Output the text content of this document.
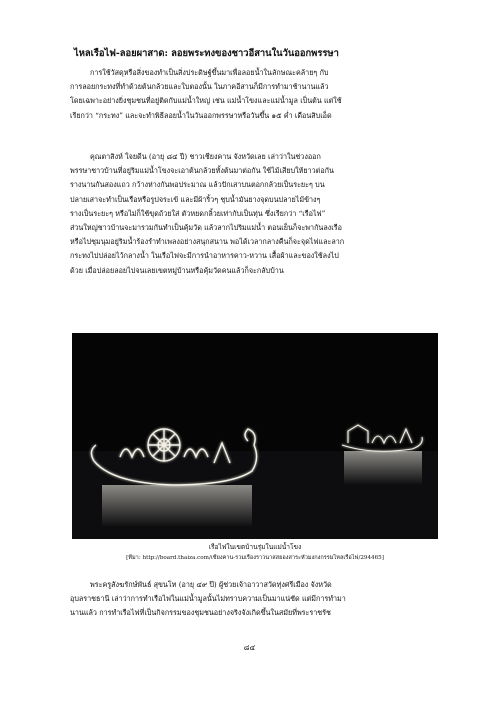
ไหลเรือไฟ-ลอยผาสาด: ลอยพระทงของชาวอีสานในวันออกพรรษา
การใช้วัสดุหรือสิ่งของทำเป็นสิ่งประดิษฐ์ขึ้นมาเพื่อลอยน้ำในลักษณะคล้ายๆ กับ
การลอยกระทงที่ทำด้วยต้นกล้วยและใบตองนั้น ในภาคอีสานก็มีการทำมาช้านานแล้ว
โดยเฉพาะอย่างยิ่งชุมชนที่อยู่ติดกับแม่น้ำใหญ่ เช่น แม่น้ำโขงและแม่น้ำมูล เป็นต้น แต่ใช้
เรียกว่า “กระทง” และจะทำพิธีลอยน้ำในวันออกพรรษาหรือวันขึ้น ๑๕ ค่ำ เดือนสิบเอ็ด
คุณตาสิงห์ ใจยดีน (อายุ ๘๔ ปี) ชาวเชียงคาน จังหวัดเลย เล่าว่าในช่วงออก
พรรษาชาวบ้านที่อยู่ริมแม่น้ำโขงจะเอาต้นกล้วยทั้งต้นมาต่อกัน ใช้ไม้เสียบให้ยาวต่อกัน
รางนานกันสองแถว กว้างห่างกันพอประมาณ แล้วปักเสาบนตอกกล้วยเป็นระยะๆ บน
ปลายเสาจะทำเป็นเรือหรือรูปจระเข้ และมีผ้าริ้วๆ ชุบน้ำมันยางจุดบนปลายไม้ข้างๆ
รางเป็นระยะๆ หรือไม่ก็ใช้ขุดถ้วยใส่ ตัวหยดกลิ้วยเท่ากับเป็นทุ่น ซึ่งเรียกว่า “เรือไฟ”
ส่วนใหญ่ชาวบ้านจะมารวมกันทำเป็นคุ้มวัด แล้วลากไปริมแม่น้ำ ตอนเย็นก็จะพากันลงเรือ
หรือไปชุมนุมอยู่ริมน้ำร้องรำทำเพลงอย่างสนุกสนาน พอได้เวลากลางคืนก็จะจุดไฟและลาก
กระทงไปปล่อยไว้กลางน้ำ ในเรือไฟจะมีการนำอาหารคาว-หวาน เสื้อผ้าและของใช้ลงไป
ด้วย เมื่อปล่อยลอยไปจนเลยเขตหมู่บ้านหรือคุ้มวัดคนแล้วก็จะกลับบ้าน
เรือไฟในเขตบ้านรุ่มในแม่น้ำโขง
[ที่มา: http://board.thaiza.com/เชียงคาน-รวมเรื่องราวนาสสยองสาระหัวมงกงกรรมไหลเรือไฟ/294465]
พระครูสังฆรักษ์พันธ์ สุขนโท (อายุ ๔๙ ปี) ผู้ช่วยเจ้าอาวาสวัดทุ่งศรีเมือง จังหวัด
อุบลราชธานี เล่าว่าการทำเรือไฟในแม่น้ำมูลนั้นไม่ทราบความเป็นมาแน่ชัด แต่มีการทำมา
นานแล้ว การทำเรือไฟที่เป็นกิจกรรมของชุมชนอย่างจริงจังเกิดขึ้นในสมัยที่พระราชรัช
๘๔
